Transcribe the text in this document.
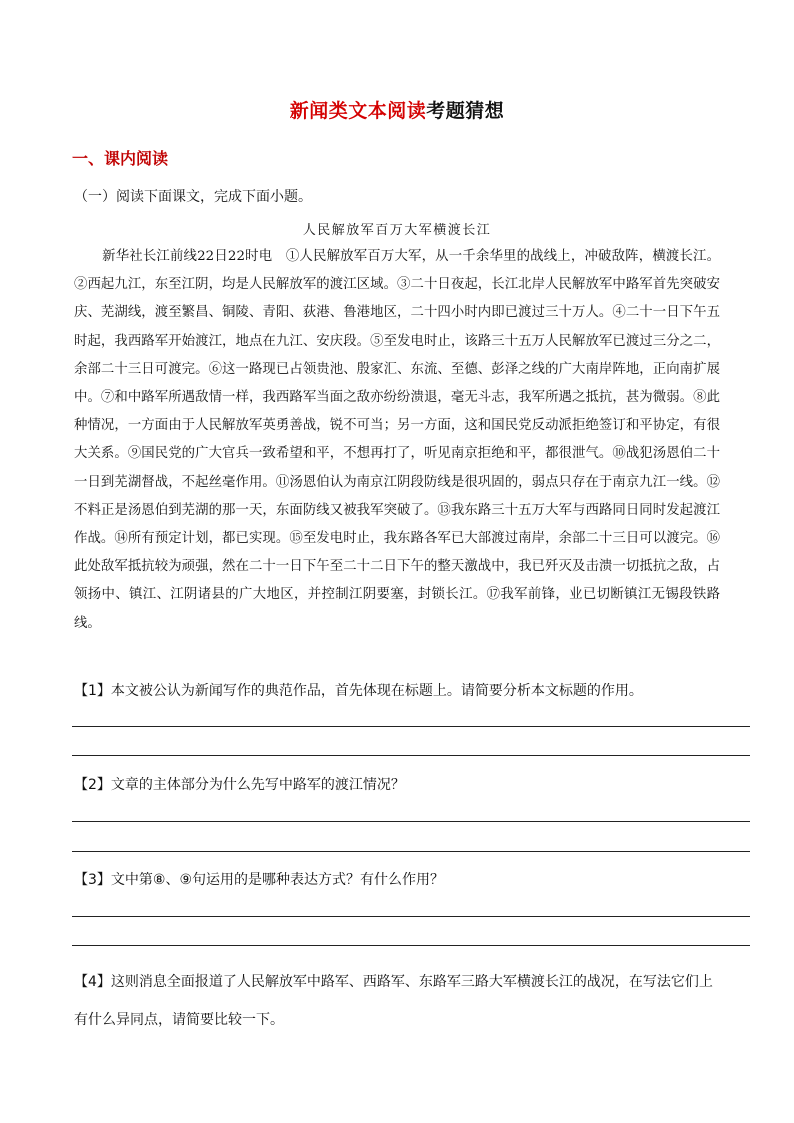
新闻类文本阅读考题猜想
一、课内阅读
（一）阅读下面课文，完成下面小题。
人民解放军百万大军横渡长江
新华社长江前线22日22时电　①人民解放军百万大军，从一千余华里的战线上，冲破敌阵，横渡长江。②西起九江，东至江阴，均是人民解放军的渡江区域。③二十日夜起，长江北岸人民解放军中路军首先突破安庆、芜湖线，渡至繁昌、铜陵、青阳、荻港、鲁港地区，二十四小时内即已渡过三十万人。④二十一日下午五时起，我西路军开始渡江，地点在九江、安庆段。⑤至发电时止，该路三十五万人民解放军已渡过三分之二，余部二十三日可渡完。⑥这一路现已占领贵池、殷家汇、东流、至德、彭泽之线的广大南岸阵地，正向南扩展中。⑦和中路军所遇敌情一样，我西路军当面之敌亦纷纷溃退，毫无斗志，我军所遇之抵抗，甚为微弱。⑧此种情况，一方面由于人民解放军英勇善战，锐不可当；另一方面，这和国民党反动派拒绝签订和平协定，有很大关系。⑨国民党的广大官兵一致希望和平，不想再打了，听见南京拒绝和平，都很泄气。⑩战犯汤恩伯二十一日到芜湖督战，不起丝毫作用。⑪汤恩伯认为南京江阴段防线是很巩固的，弱点只存在于南京九江一线。⑫不料正是汤恩伯到芜湖的那一天，东面防线又被我军突破了。⑬我东路三十五万大军与西路同日同时发起渡江作战。⑭所有预定计划，都已实现。⑮至发电时止，我东路各军已大部渡过南岸，余部二十三日可以渡完。⑯此处敌军抵抗较为顽强，然在二十一日下午至二十二日下午的整天激战中，我已歼灭及击溃一切抵抗之敌，占领扬中、镇江、江阴诸县的广大地区，并控制江阴要塞，封锁长江。⑰我军前锋，业已切断镇江无锡段铁路线。
【1】本文被公认为新闻写作的典范作品，首先体现在标题上。请简要分析本文标题的作用。
【2】文章的主体部分为什么先写中路军的渡江情况？
【3】文中第⑧、⑨句运用的是哪种表达方式？有什么作用？
【4】这则消息全面报道了人民解放军中路军、西路军、东路军三路大军横渡长江的战况，在写法它们上有什么异同点，请简要比较一下。
